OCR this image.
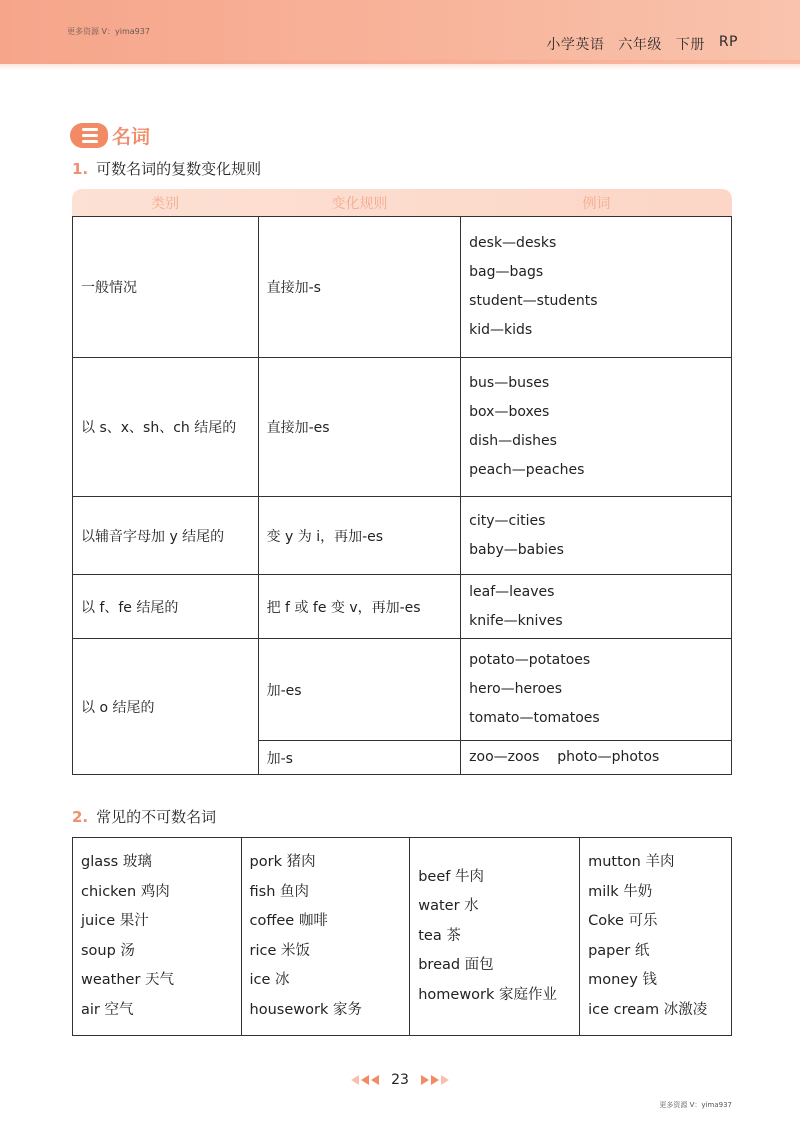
更多资源 V：yima937
小学英语 六年级 下册 RP
名词
1. 可数名词的复数变化规则
类别	变化规则	例词
一般情况	直接加-s	desk—desks
bag—bags
student—students
kid—kids

以 s、x、sh、ch 结尾的	直接加-es	bus—buses
box—boxes
dish—dishes
peach—peaches

以辅音字母加 y 结尾的	变 y 为 i，再加-es	city—cities
baby—babies

以 f、fe 结尾的	把 f 或 fe 变 v，再加-es	leaf—leaves
knife—knives

以 o 结尾的	加-es	potato—potatoes
hero—heroes
tomato—tomatoes

	加-s	zoo—zoos    photo—photos
2. 常见的不可数名词
glass 玻璃
chicken 鸡肉
juice 果汁
soup 汤
weather 天气
air 空气

pork 猪肉
fish 鱼肉
coffee 咖啡
rice 米饭
ice 冰
housework 家务

beef 牛肉
water 水
tea 茶
bread 面包
homework 家庭作业

mutton 羊肉
milk 牛奶
Coke 可乐
paper 纸
money 钱
ice cream 冰激凌
23
更多资源 V：yima937
